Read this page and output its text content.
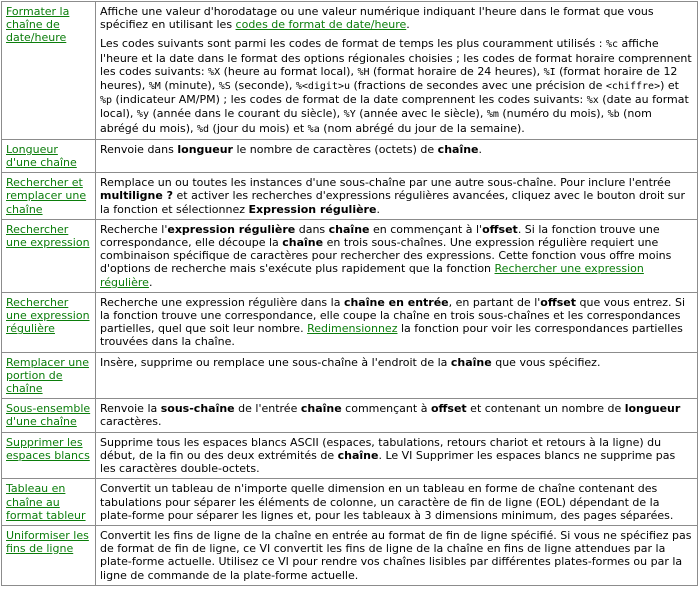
Formater la chaîne de date/heure	Affiche une valeur d'horodatage ou une valeur numérique indiquant l'heure dans le format que vous spécifiez en utilisant les codes de format de date/heure.

Les codes suivants sont parmi les codes de format de temps les plus couramment utilisés : %c affiche l'heure et la date dans le format des options régionales choisies ; les codes de format horaire comprennent les codes suivants: %X (heure au format local), %H (format horaire de 24 heures), %I (format horaire de 12 heures), %M (minute), %S (seconde), %<digit>u (fractions de secondes avec une précision de <chiffre>) et %p (indicateur AM/PM) ; les codes de format de la date comprennent les codes suivants: %x (date au format local), %y (année dans le courant du siècle), %Y (année avec le siècle), %m (numéro du mois), %b (nom abrégé du mois), %d (jour du mois) et %a (nom abrégé du jour de la semaine).

Longueur d'une chaîne	Renvoie dans longueur le nombre de caractères (octets) de chaîne.

Rechercher et remplacer une chaîne	Remplace un ou toutes les instances d'une sous-chaîne par une autre sous-chaîne. Pour inclure l'entrée multiligne ? et activer les recherches d'expressions régulières avancées, cliquez avec le bouton droit sur la fonction et sélectionnez Expression régulière.

Rechercher une expression	Recherche l'expression régulière dans chaîne en commençant à l'offset. Si la fonction trouve une correspondance, elle découpe la chaîne en trois sous-chaînes. Une expression régulière requiert une combinaison spécifique de caractères pour rechercher des expressions. Cette fonction vous offre moins d'options de recherche mais s'exécute plus rapidement que la fonction Rechercher une expression régulière.

Rechercher une expression régulière	Recherche une expression régulière dans la chaîne en entrée, en partant de l'offset que vous entrez. Si la fonction trouve une correspondance, elle coupe la chaîne en trois sous-chaînes et les correspondances partielles, quel que soit leur nombre. Redimensionnez la fonction pour voir les correspondances partielles trouvées dans la chaîne.

Remplacer une portion de chaîne	Insère, supprime ou remplace une sous-chaîne à l'endroit de la chaîne que vous spécifiez.

Sous-ensemble d'une chaîne	Renvoie la sous-chaîne de l'entrée chaîne commençant à offset et contenant un nombre de longueur caractères.

Supprimer les espaces blancs	Supprime tous les espaces blancs ASCII (espaces, tabulations, retours chariot et retours à la ligne) du début, de la fin ou des deux extrémités de chaîne. Le VI Supprimer les espaces blancs ne supprime pas les caractères double-octets.

Tableau en chaîne au format tableur	Convertit un tableau de n'importe quelle dimension en un tableau en forme de chaîne contenant des tabulations pour séparer les éléments de colonne, un caractère de fin de ligne (EOL) dépendant de la plate-forme pour séparer les lignes et, pour les tableaux à 3 dimensions minimum, des pages séparées.

Uniformiser les fins de ligne	Convertit les fins de ligne de la chaîne en entrée au format de fin de ligne spécifié. Si vous ne spécifiez pas de format de fin de ligne, ce VI convertit les fins de ligne de la chaîne en fins de ligne attendues par la plate-forme actuelle. Utilisez ce VI pour rendre vos chaînes lisibles par différentes plates-formes ou par la ligne de commande de la plate-forme actuelle.
